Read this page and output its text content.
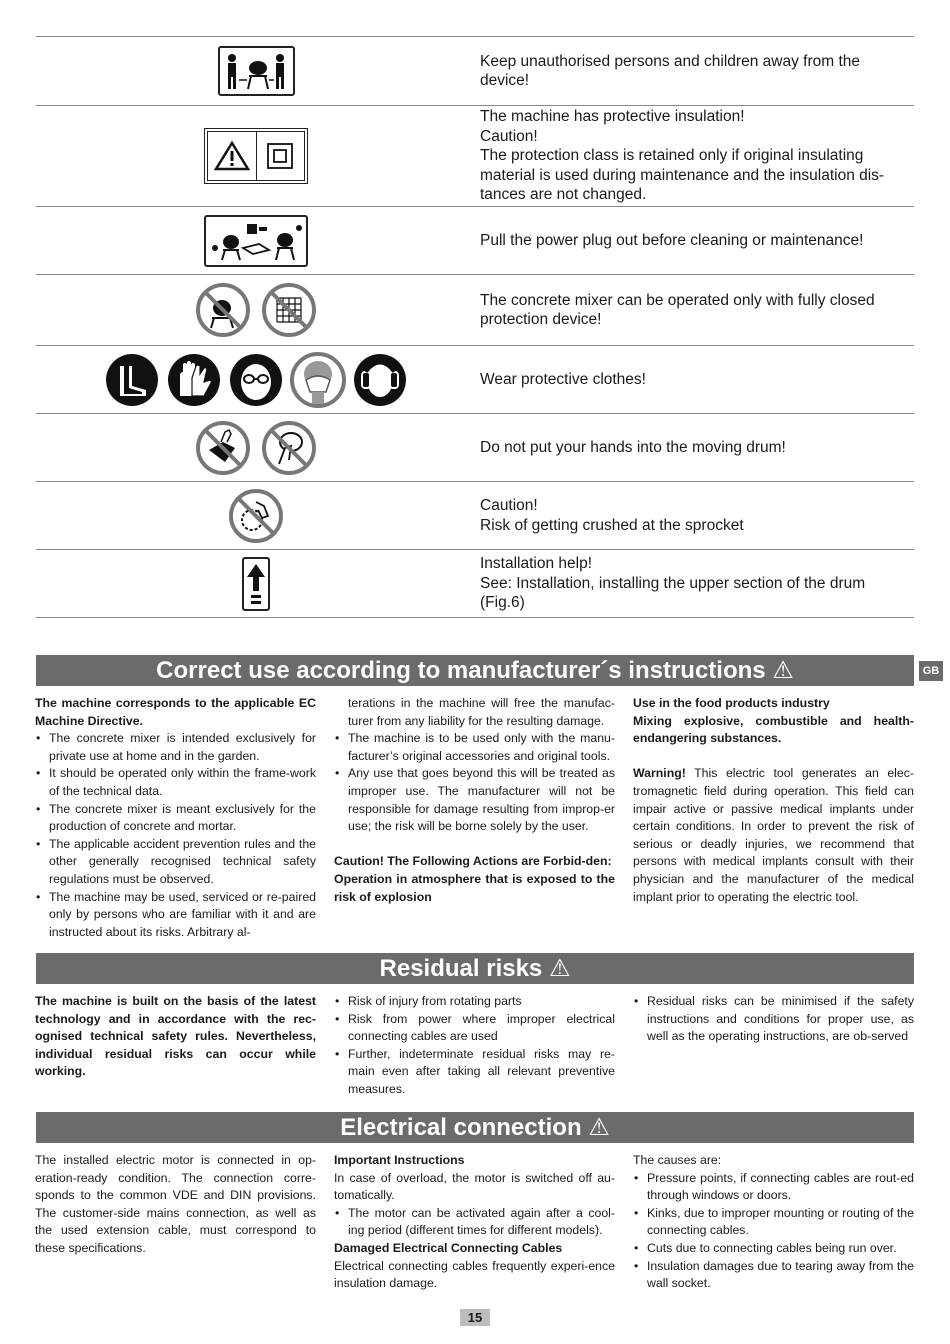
Keep unauthorised persons and children away from the
device!
The machine has protective insulation!
Caution!
The protection class is retained only if original insulating
material is used during maintenance and the insulation dis-
tances are not changed.
Pull the power plug out before cleaning or maintenance!
The concrete mixer can be operated only with fully closed
protection device!
Wear protective clothes!
Do not put your hands into the moving drum!
Caution!
Risk of getting crushed at the sprocket
Installation help!
See: Installation, installing the upper section of the drum
(Fig.6)
GB
Correct use according to manufacturer´s instructions ⚠

The machine corresponds to the applicable EC Machine Directive.

• The concrete mixer is intended exclusively for private use at home and in the garden.
• It should be operated only within the frame-work of the technical data.
• The concrete mixer is meant exclusively for the production of concrete and mortar.
• The applicable accident prevention rules and the other generally recognised technical safety regulations must be observed.
• The machine may be used, serviced or re-paired only by persons who are familiar with it and are instructed about its risks. Arbitrary al-

terations in the machine will free the manufac-turer from any liability for the resulting damage.

• The machine is to be used only with the manu-facturer’s original accessories and original tools.
• Any use that goes beyond this will be treated as improper use. The manufacturer will not be responsible for damage resulting from improp-er use; the risk will be borne solely by the user.

Caution! The Following Actions are Forbid-den:

Operation in atmosphere that is exposed to the risk of explosion

Use in the food products industry

Mixing explosive, combustible and health-endangering substances.

Warning! This electric tool generates an elec-tromagnetic field during operation. This field can impair active or passive medical implants under certain conditions. In order to prevent the risk of serious or deadly injuries, we recommend that persons with medical implants consult with their physician and the manufacturer of the medical implant prior to operating the electric tool.

Residual risks ⚠

The machine is built on the basis of the latest technology and in accordance with the rec-ognised technical safety rules. Nevertheless, individual residual risks can occur while working.

• Risk of injury from rotating parts
• Risk from power where improper electrical connecting cables are used
• Further, indeterminate residual risks may re-main even after taking all relevant preventive measures.
• Residual risks can be minimised if the safety instructions and conditions for proper use, as well as the operating instructions, are ob-served
Electrical connection ⚠

The installed electric motor is connected in op-eration-ready condition. The connection corre-sponds to the common VDE and DIN provisions. The customer-side mains connection, as well as the used extension cable, must correspond to these specifications.

Important Instructions

In case of overload, the motor is switched off au-tomatically.

• The motor can be activated again after a cool-ing period (different times for different models).

Damaged Electrical Connecting Cables

Electrical connecting cables frequently experi-ence insulation damage.

The causes are:

• Pressure points, if connecting cables are rout-ed through windows or doors.
• Kinks, due to improper mounting or routing of the connecting cables.
• Cuts due to connecting cables being run over.
• Insulation damages due to tearing away from the wall socket.
15
